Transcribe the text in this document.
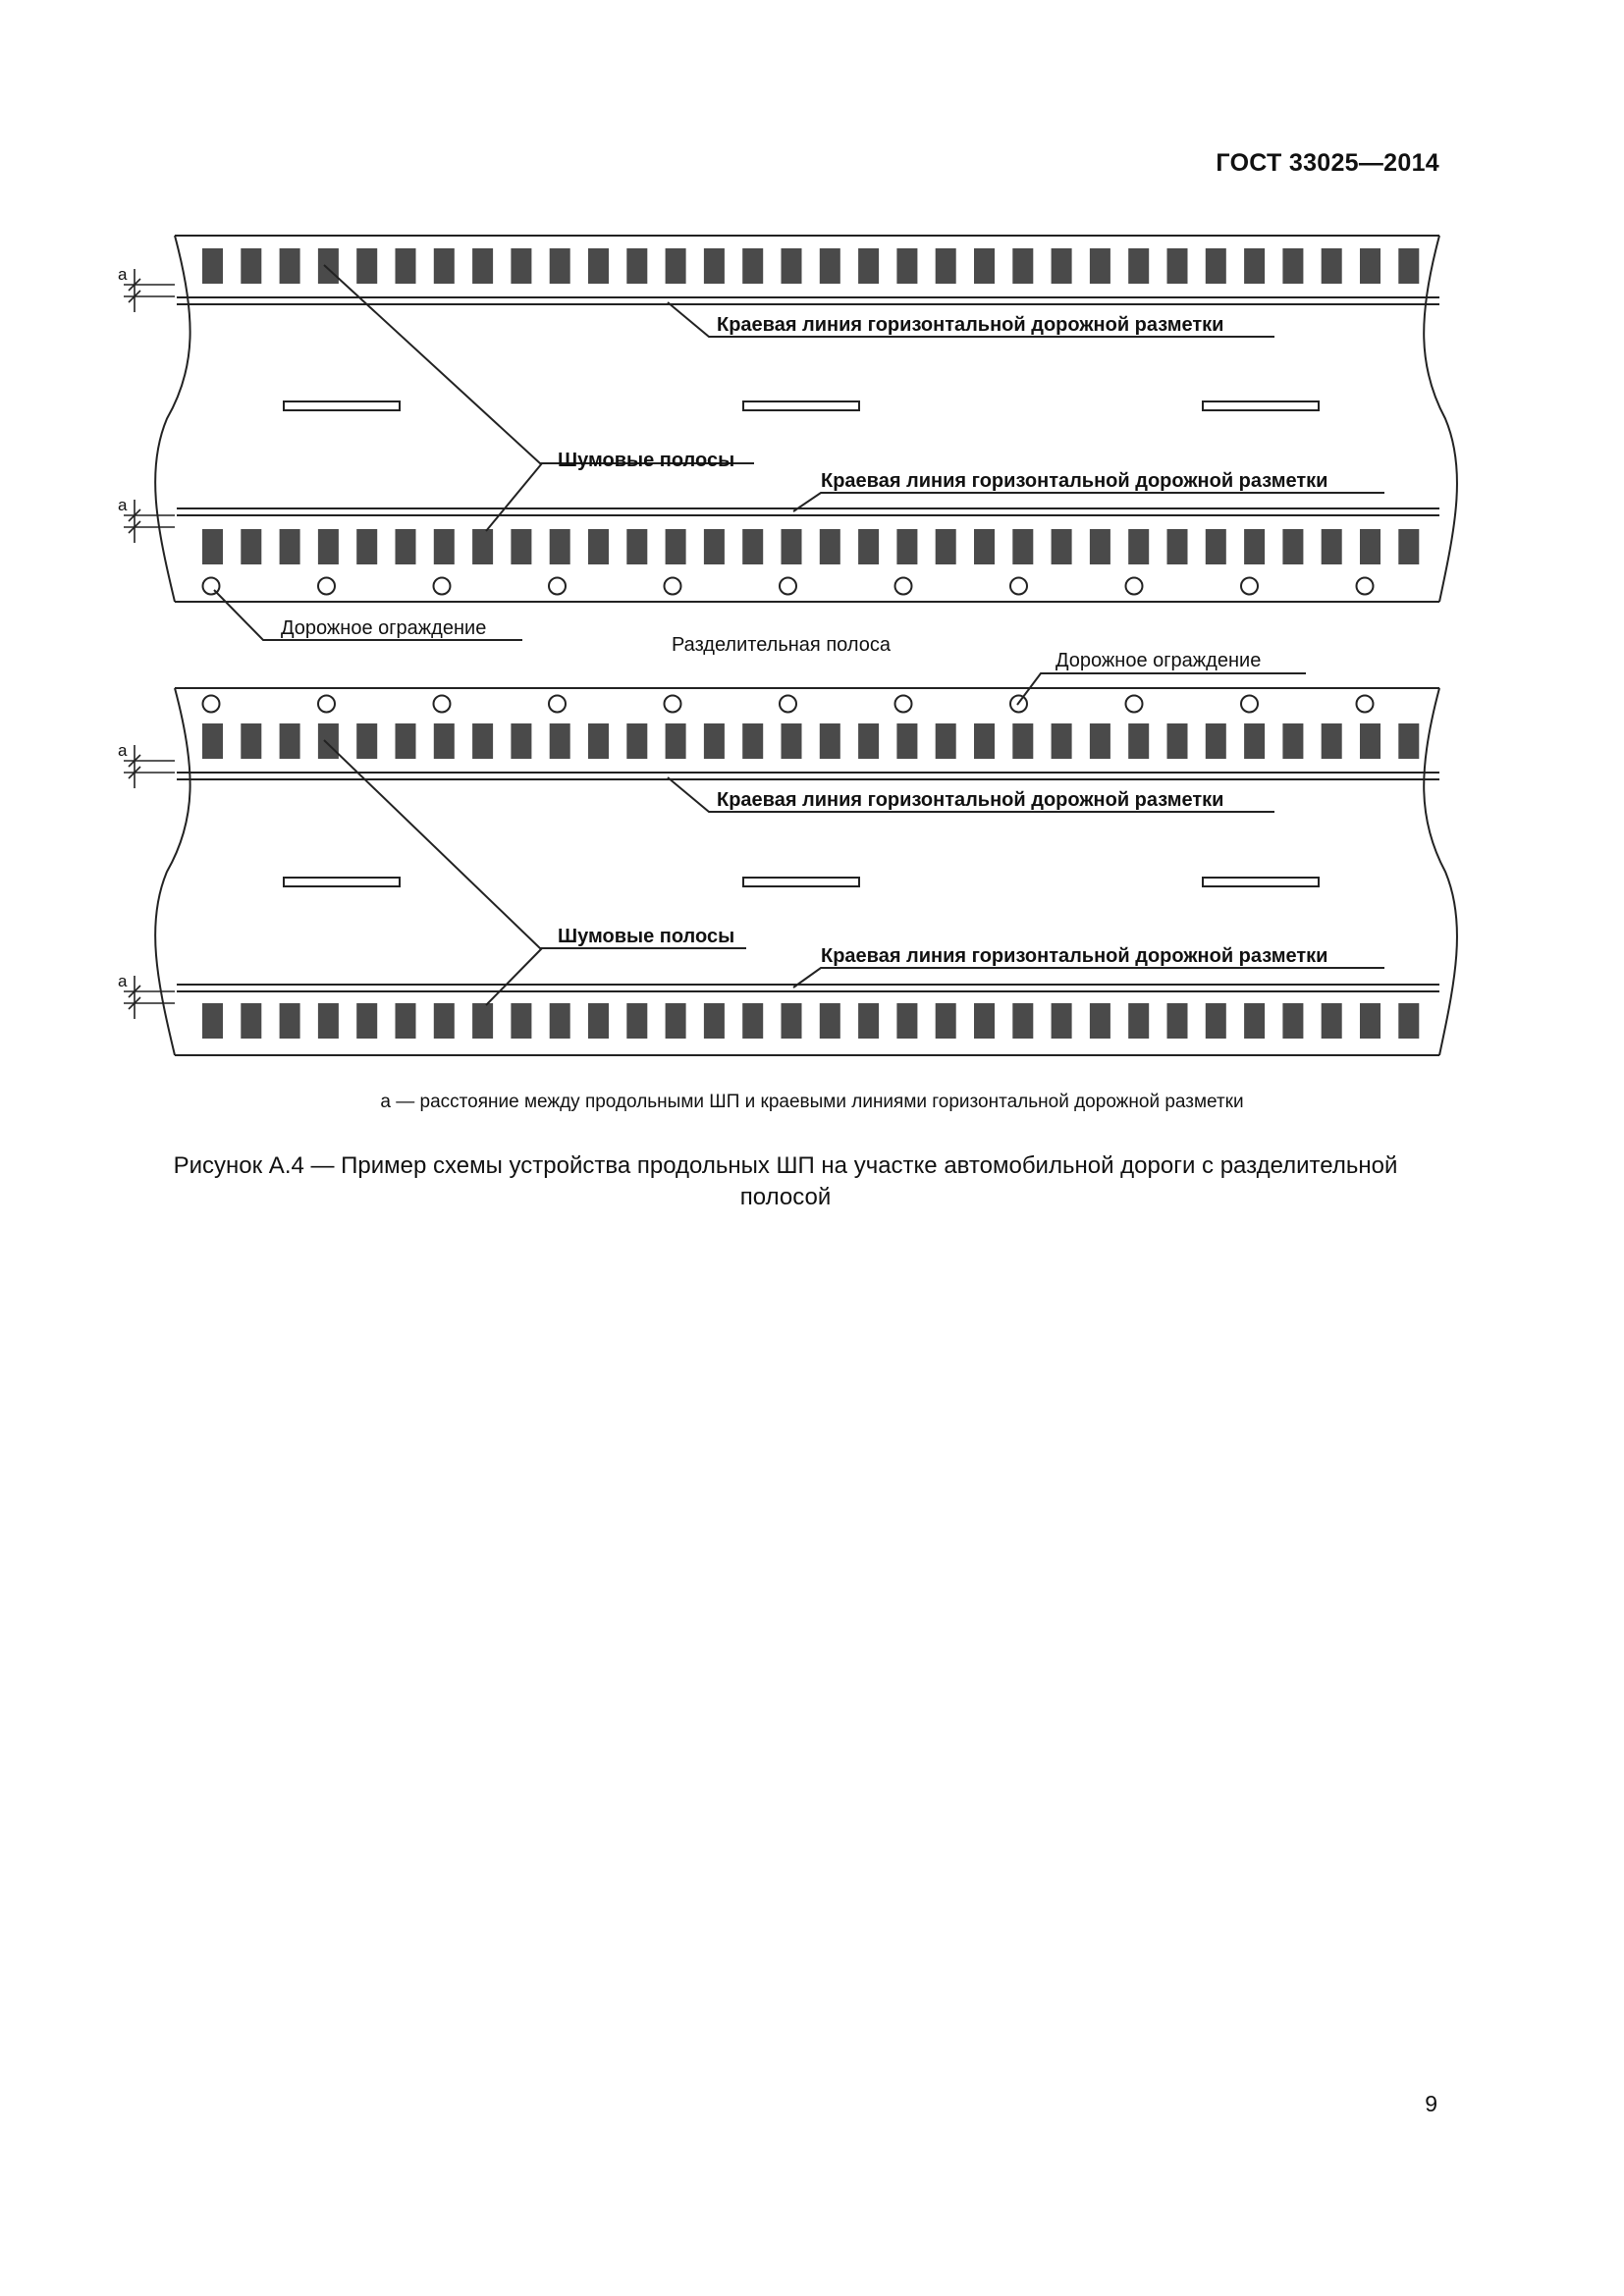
ГОСТ 33025—2014
a
a
Краевая линия горизонтальной дорожной разметки
Шумовые полосы
Краевая линия горизонтальной дорожной разметки
Дорожное ограждение
Разделительная полоса
Дорожное ограждение
a
a
Краевая линия горизонтальной дорожной разметки
Шумовые полосы
Краевая линия горизонтальной дорожной разметки
а — расстояние между продольными ШП и краевыми линиями горизонтальной дорожной разметки
Рисунок А.4 — Пример схемы устройства продольных ШП на участке автомобильной дороги с разделительной полосой
9
